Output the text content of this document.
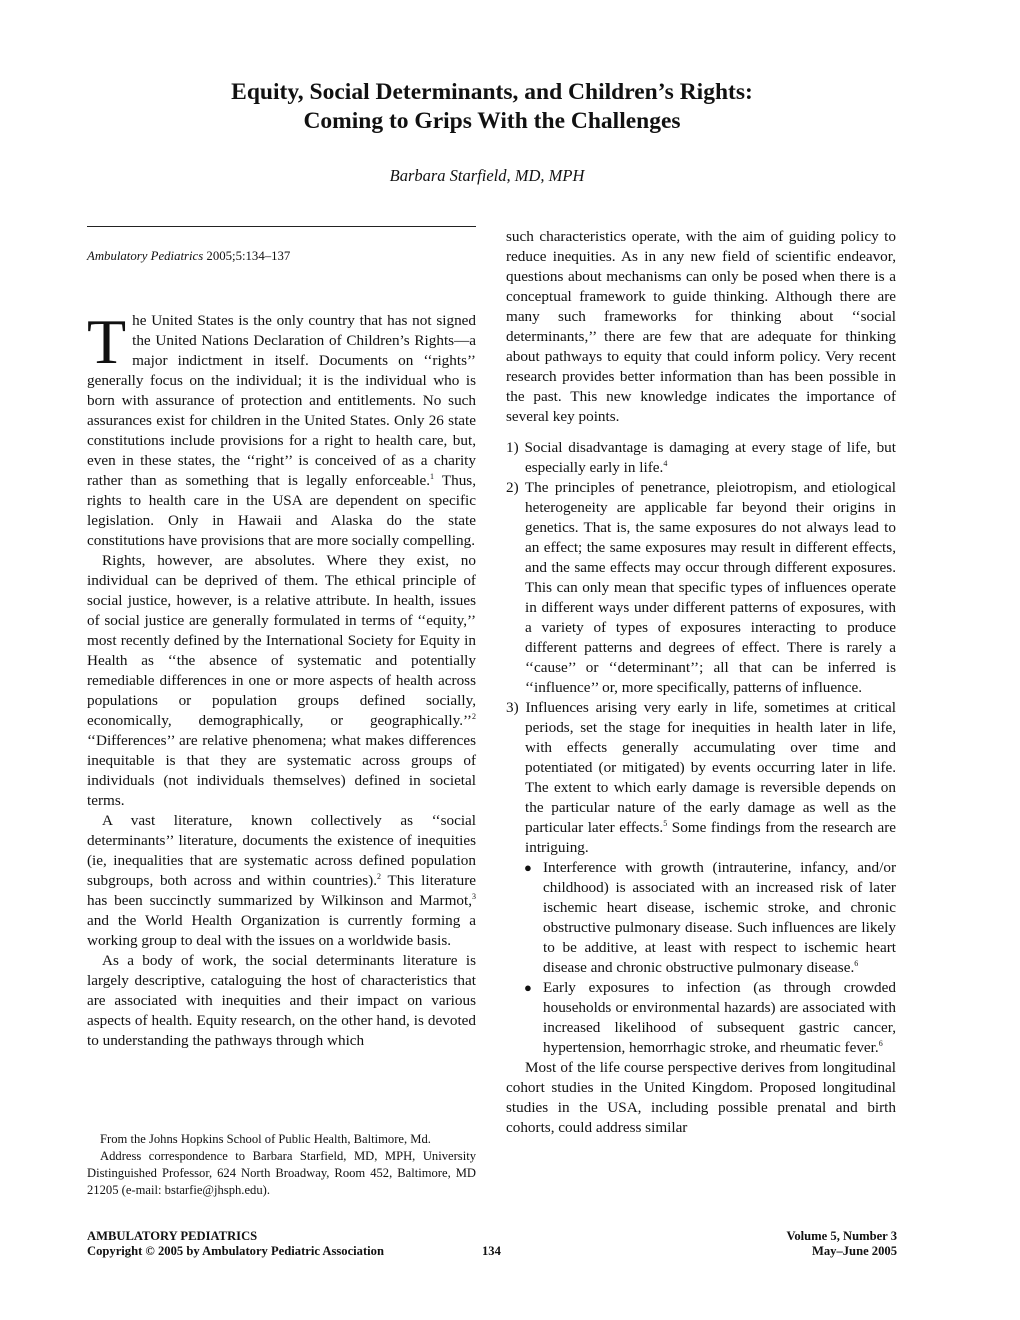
Equity, Social Determinants, and Children’s Rights:
Coming to Grips With the Challenges
Barbara Starfield, MD, MPH
Ambulatory Pediatrics 2005;5:134–137

The United States is the only country that has not signed the United Nations Declaration of Children’s Rights—a major indictment in itself. Documents on ‘‘rights’’ generally focus on the individual; it is the individual who is born with assurance of protection and entitlements. No such assurances exist for children in the United States. Only 26 state constitutions include provisions for a right to health care, but, even in these states, the ‘‘right’’ is conceived of as a charity rather than as something that is legally enforceable.$^1$ Thus, rights to health care in the USA are dependent on specific legislation. Only in Hawaii and Alaska do the state constitutions have provisions that are more socially compelling.

Rights, however, are absolutes. Where they exist, no individual can be deprived of them. The ethical principle of social justice, however, is a relative attribute. In health, issues of social justice are generally formulated in terms of ‘‘equity,’’ most recently defined by the International Society for Equity in Health as ‘‘the absence of systematic and potentially remediable differences in one or more aspects of health across populations or population groups defined socially, economically, demographically, or geographically.’’$^2$ ‘‘Differences’’ are relative phenomena; what makes differences inequitable is that they are systematic across groups of individuals (not individuals themselves) defined in societal terms.

A vast literature, known collectively as ‘‘social determinants’’ literature, documents the existence of inequities (ie, inequalities that are systematic across defined population subgroups, both across and within countries).$^2$ This literature has been succinctly summarized by Wilkinson and Marmot,$^3$ and the World Health Organization is currently forming a working group to deal with the issues on a worldwide basis.

As a body of work, the social determinants literature is largely descriptive, cataloguing the host of characteristics that are associated with inequities and their impact on various aspects of health. Equity research, on the other hand, is devoted to understanding the pathways through which

such characteristics operate, with the aim of guiding policy to reduce inequities. As in any new field of scientific endeavor, questions about mechanisms can only be posed when there is a conceptual framework to guide thinking. Although there are many such frameworks for thinking about ‘‘social determinants,’’ there are few that are adequate for thinking about pathways to equity that could inform policy. Very recent research provides better information than has been possible in the past. This new knowledge indicates the importance of several key points.

1) Social disadvantage is damaging at every stage of life, but especially early in life.$^4$
2) The principles of penetrance, pleiotropism, and etiological heterogeneity are applicable far beyond their origins in genetics. That is, the same exposures do not always lead to an effect; the same exposures may result in different effects, and the same effects may occur through different exposures. This can only mean that specific types of influences operate in different ways under different patterns of exposures, with a variety of types of exposures interacting to produce different patterns and degrees of effect. There is rarely a ‘‘cause’’ or ‘‘determinant’’; all that can be inferred is ‘‘influence’’ or, more specifically, patterns of influence.
3) Influences arising very early in life, sometimes at critical periods, set the stage for inequities in health later in life, with effects generally accumulating over time and potentiated (or mitigated) by events occurring later in life. The extent to which early damage is reversible depends on the particular nature of the early damage as well as the particular later effects.$^5$ Some findings from the research are intriguing.
● Interference with growth (intrauterine, infancy, and/or childhood) is associated with an increased risk of later ischemic heart disease, ischemic stroke, and chronic obstructive pulmonary disease. Such influences are likely to be additive, at least with respect to ischemic heart disease and chronic obstructive pulmonary disease.$^6$
● Early exposures to infection (as through crowded households or environmental hazards) are associated with increased likelihood of subsequent gastric cancer, hypertension, hemorrhagic stroke, and rheumatic fever.$^6$

Most of the life course perspective derives from longitudinal cohort studies in the United Kingdom. Proposed longitudinal studies in the USA, including possible prenatal and birth cohorts, could address similar

From the Johns Hopkins School of Public Health, Baltimore, Md.

Address correspondence to Barbara Starfield, MD, MPH, University Distinguished Professor, 624 North Broadway, Room 452, Baltimore, MD 21205 (e-mail: bstarfie@jhsph.edu).

AMBULATORY PEDIATRICS
Copyright © 2005 by Ambulatory Pediatric Association	134
Volume 5, Number 3
May–June 2005
